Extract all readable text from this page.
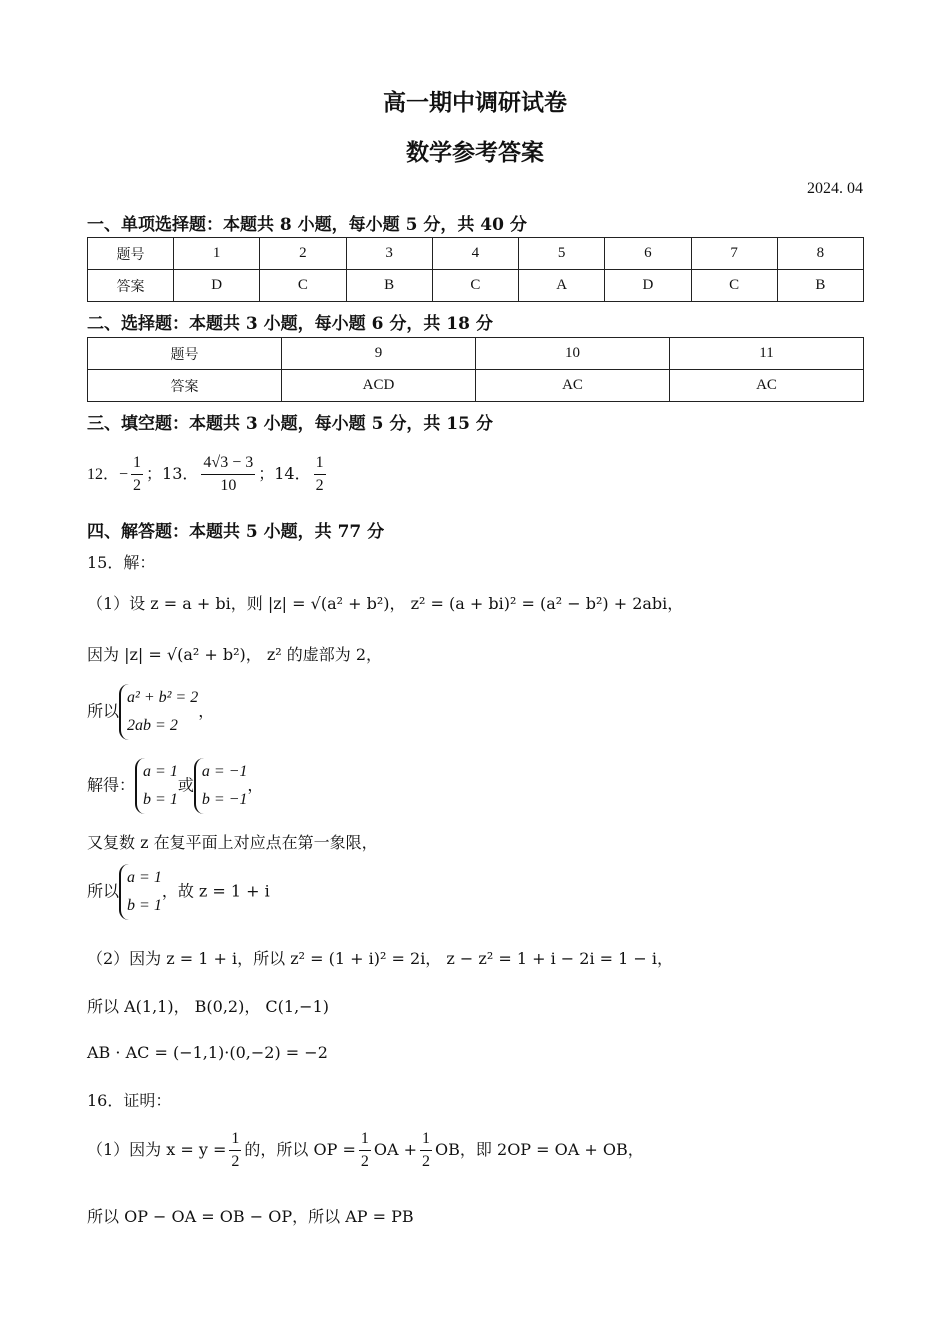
高一期中调研试卷
数学参考答案
2024. 04
一、单项选择题：本题共 8 小题，每小题 5 分，共 40 分
题号	1	2	3	4	5	6	7	8
答案	D	C	B	C	A	D	C	B
二、选择题：本题共 3 小题，每小题 6 分，共 18 分
题号	9	10	11
答案	ACD	AC	AC
三、填空题：本题共 3 小题，每小题 5 分，共 15 分
12．− $\frac{1}{2}$ ；13． $\frac{4√3 - 3}{10}$ ；14． $\frac{1}{2}$
四、解答题：本题共 5 小题，共 77 分
15．解：
（1）设 z = a + bi，则 |z| = √(a² + b²)， z² = (a + bi)² = (a² − b²) + 2abi，
因为 |z| = √(a² + b²)， z² 的虚部为 2，
所以
a² + b² = 2
2ab = 2
，
解得：
a = 1
b = 1
或
a = −1
b = −1
，
又复数 z 在复平面上对应点在第一象限，
所以
a = 1
b = 1
，故 z = 1 + i
（2）因为 z = 1 + i，所以 z² = (1 + i)² = 2i， z − z² = 1 + i − 2i = 1 − i，
所以 A(1,1)， B(0,2)， C(1,−1)
AB · AC = (−1,1)·(0,−2) = −2
16．证明：
（1）因为 $x = y = \frac{1}{2}$ 的，所以 OP = $\frac{1}{2}$ OA + $\frac{1}{2}$ OB，即 2OP = OA + OB，
所以 OP − OA = OB − OP，所以 AP = PB
